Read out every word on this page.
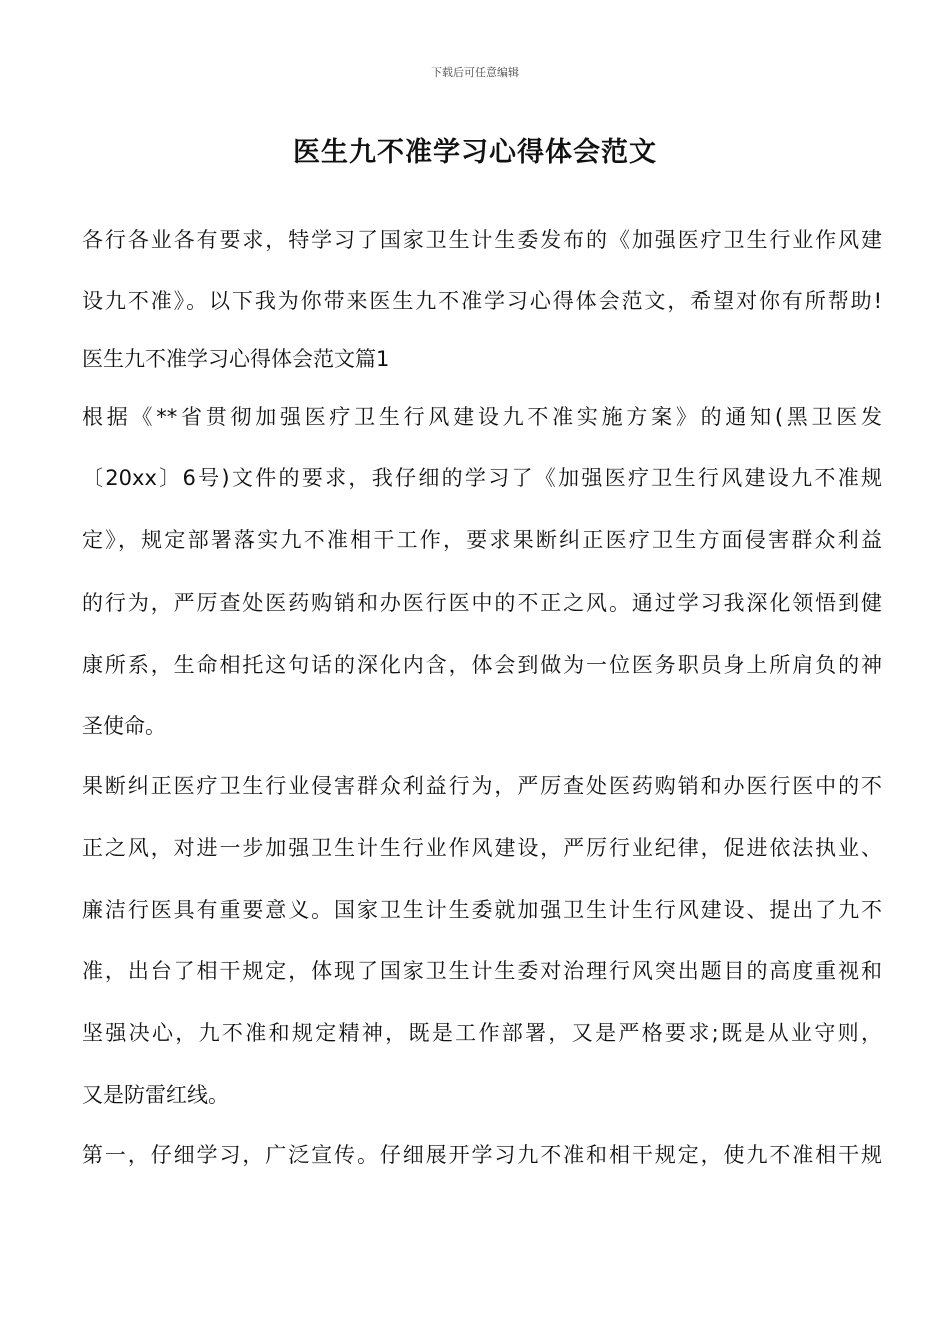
下载后可任意编辑
医生九不准学习心得体会范文
各行各业各有要求，特学习了国家卫生计生委发布的《加强医疗卫生行业作风建
设九不准》。以下我为你带来医生九不准学习心得体会范文，希望对你有所帮助!
医生九不准学习心得体会范文篇1
根据《**省贯彻加强医疗卫生行风建设九不准实施方案》的通知(黑卫医发
〔20xx〕6号)文件的要求，我仔细的学习了《加强医疗卫生行风建设九不准规
定》，规定部署落实九不准相干工作，要求果断纠正医疗卫生方面侵害群众利益
的行为，严厉查处医药购销和办医行医中的不正之风。通过学习我深化领悟到健
康所系，生命相托这句话的深化内含，体会到做为一位医务职员身上所肩负的神
圣使命。
果断纠正医疗卫生行业侵害群众利益行为，严厉查处医药购销和办医行医中的不
正之风，对进一步加强卫生计生行业作风建设，严厉行业纪律，促进依法执业、
廉洁行医具有重要意义。国家卫生计生委就加强卫生计生行风建设、提出了九不
准，出台了相干规定，体现了国家卫生计生委对治理行风突出题目的高度重视和
坚强决心，九不准和规定精神，既是工作部署，又是严格要求;既是从业守则，
又是防雷红线。
第一，仔细学习，广泛宣传。仔细展开学习九不准和相干规定，使九不准相干规
